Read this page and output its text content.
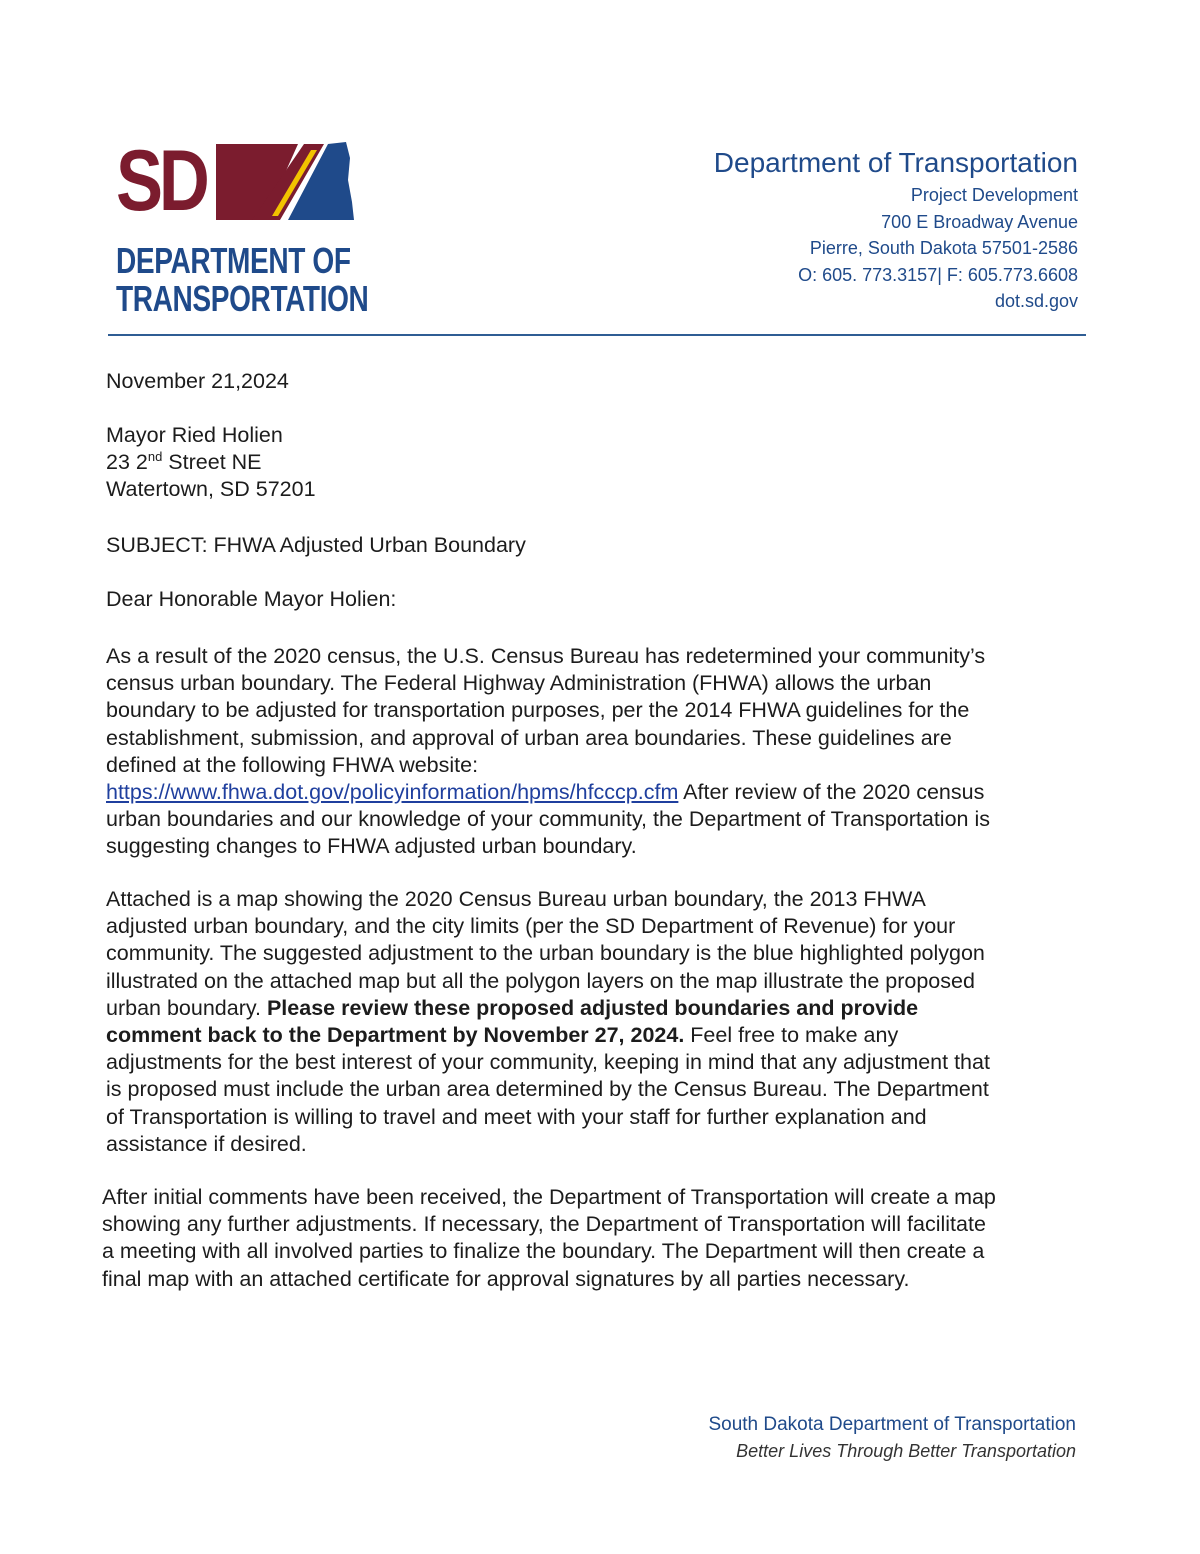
SD
DEPARTMENT OF
TRANSPORTATION
Department of Transportation
Project Development
700 E Broadway Avenue
Pierre, South Dakota 57501-2586
O: 605. 773.3157| F: 605.773.6608
dot.sd.gov
November 21,2024
Mayor Ried Holien
23 2nd Street NE
Watertown, SD 57201
SUBJECT: FHWA Adjusted Urban Boundary
Dear Honorable Mayor Holien:
As a result of the 2020 census, the U.S. Census Bureau has redetermined your community’s
census urban boundary. The Federal Highway Administration (FHWA) allows the urban
boundary to be adjusted for transportation purposes, per the 2014 FHWA guidelines for the
establishment, submission, and approval of urban area boundaries. These guidelines are
defined at the following FHWA website:
https://www.fhwa.dot.gov/policyinformation/hpms/hfcccp.cfm After review of the 2020 census
urban boundaries and our knowledge of your community, the Department of Transportation is
suggesting changes to FHWA adjusted urban boundary.
Attached is a map showing the 2020 Census Bureau urban boundary, the 2013 FHWA
adjusted urban boundary, and the city limits (per the SD Department of Revenue) for your
community. The suggested adjustment to the urban boundary is the blue highlighted polygon
illustrated on the attached map but all the polygon layers on the map illustrate the proposed
urban boundary. Please review these proposed adjusted boundaries and provide
comment back to the Department by November 27, 2024. Feel free to make any
adjustments for the best interest of your community, keeping in mind that any adjustment that
is proposed must include the urban area determined by the Census Bureau. The Department
of Transportation is willing to travel and meet with your staff for further explanation and
assistance if desired.
After initial comments have been received, the Department of Transportation will create a map
showing any further adjustments. If necessary, the Department of Transportation will facilitate
a meeting with all involved parties to finalize the boundary. The Department will then create a
final map with an attached certificate for approval signatures by all parties necessary.
South Dakota Department of Transportation
Better Lives Through Better Transportation
